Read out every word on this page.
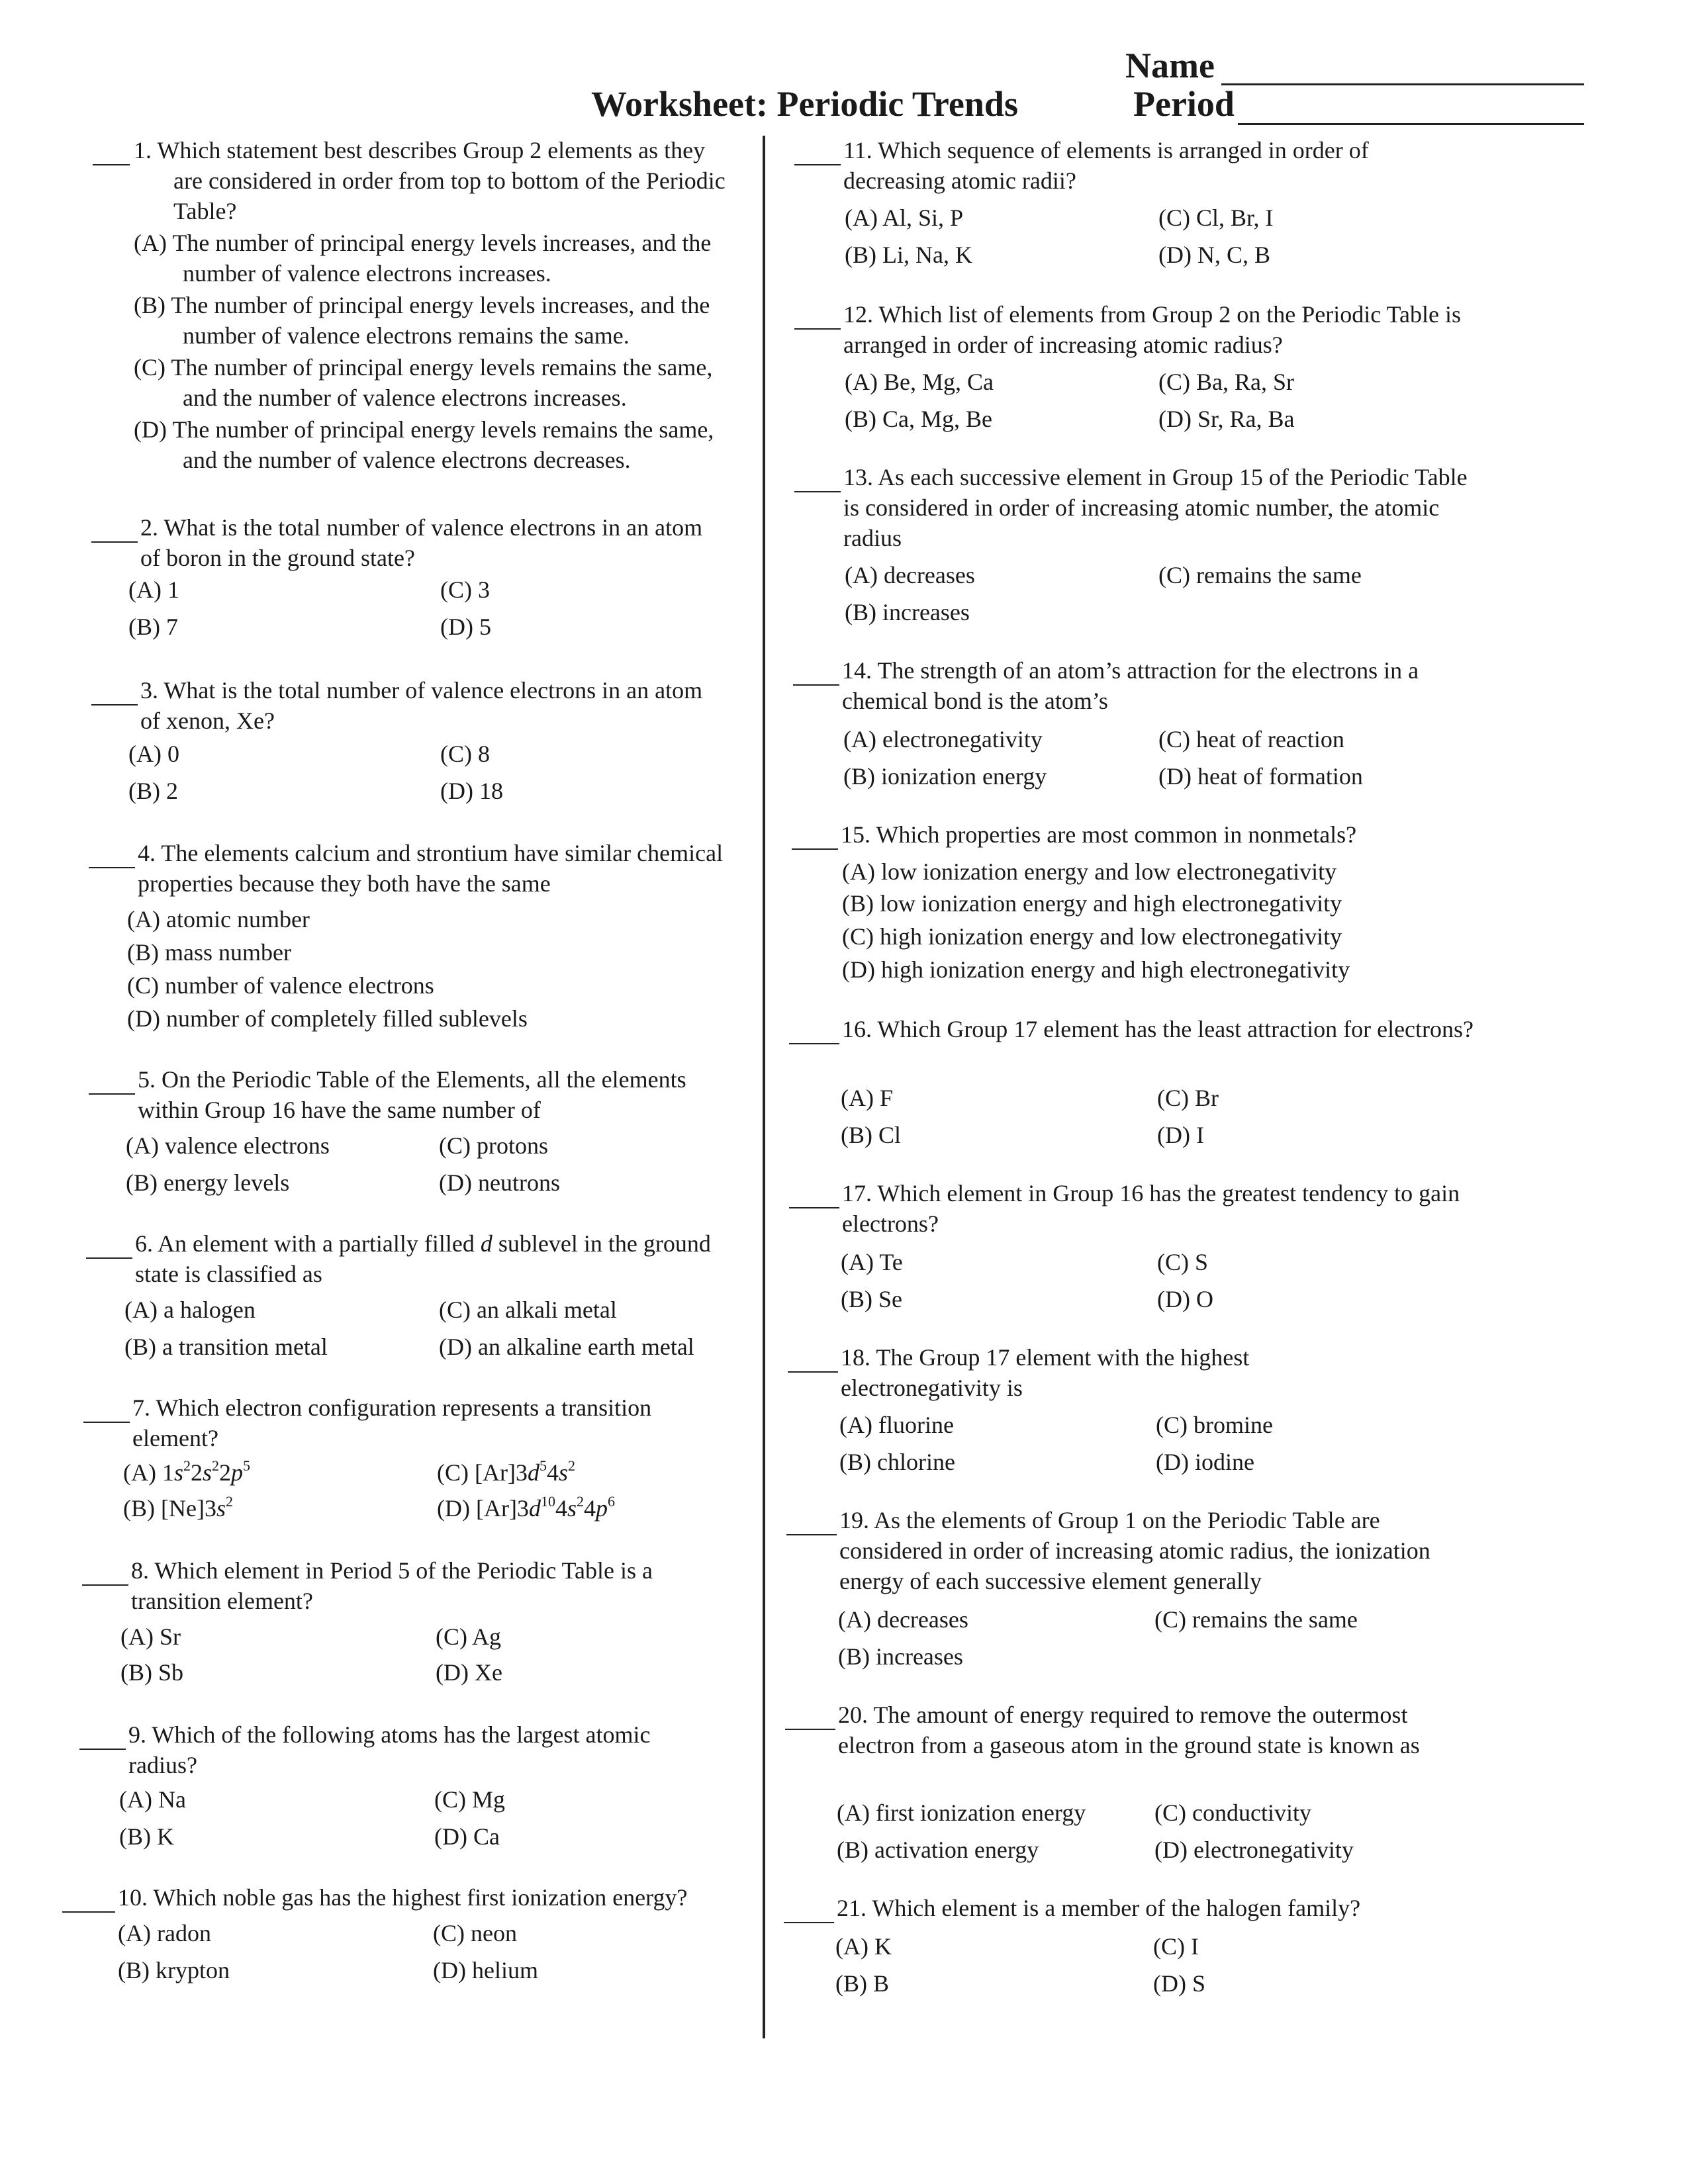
Worksheet: Periodic Trends
Name
Period
1. Which statement best describes Group 2 elements as they are considered in order from top to bottom of the Periodic Table?
(A) The number of principal energy levels increases, and the number of valence electrons increases.
(B) The number of principal energy levels increases, and the number of valence electrons remains the same.
(C) The number of principal energy levels remains the same, and the number of valence electrons increases.
(D) The number of principal energy levels remains the same, and the number of valence electrons decreases.
2. What is the total number of valence electrons in an atom of boron in the ground state?
(A) 1	(C) 3
(B) 7	(D) 5
3. What is the total number of valence electrons in an atom of xenon, Xe?
(A) 0	(C) 8
(B) 2	(D) 18
4. The elements calcium and strontium have similar chemical properties because they both have the same
(A) atomic number
(B) mass number
(C) number of valence electrons
(D) number of completely filled sublevels
5. On the Periodic Table of the Elements, all the elements within Group 16 have the same number of
(A) valence electrons	(C) protons
(B) energy levels	(D) neutrons
6. An element with a partially filled d sublevel in the ground state is classified as
(A) a halogen	(C) an alkali metal
(B) a transition metal	(D) an alkaline earth metal
7. Which electron configuration represents a transition element?
(A) $1s^22s^22p^5$	(C) $[Ar]3d^54s^2$
(B) $[Ne]3s^2$	(D) $[Ar]3d^{10}4s^24p^6$
8. Which element in Period 5 of the Periodic Table is a transition element?
(A) Sr	(C) Ag
(B) Sb	(D) Xe
9. Which of the following atoms has the largest atomic radius?
(A) Na	(C) Mg
(B) K	(D) Ca
10. Which noble gas has the highest first ionization energy?
(A) radon	(C) neon
(B) krypton	(D) helium
11. Which sequence of elements is arranged in order of decreasing atomic radii?
(A) Al, Si, P	(C) Cl, Br, I
(B) Li, Na, K	(D) N, C, B
12. Which list of elements from Group 2 on the Periodic Table is arranged in order of increasing atomic radius?
(A) Be, Mg, Ca	(C) Ba, Ra, Sr
(B) Ca, Mg, Be	(D) Sr, Ra, Ba
13. As each successive element in Group 15 of the Periodic Table is considered in order of increasing atomic number, the atomic radius
(A) decreases	(C) remains the same
(B) increases
14. The strength of an atom’s attraction for the electrons in a chemical bond is the atom’s
(A) electronegativity	(C) heat of reaction
(B) ionization energy	(D) heat of formation
15. Which properties are most common in nonmetals?
(A) low ionization energy and low electronegativity
(B) low ionization energy and high electronegativity
(C) high ionization energy and low electronegativity
(D) high ionization energy and high electronegativity
16. Which Group 17 element has the least attraction for electrons?
(A) F	(C) Br
(B) Cl	(D) I
17. Which element in Group 16 has the greatest tendency to gain electrons?
(A) Te	(C) S
(B) Se	(D) O
18. The Group 17 element with the highest electronegativity is
(A) fluorine	(C) bromine
(B) chlorine	(D) iodine
19. As the elements of Group 1 on the Periodic Table are considered in order of increasing atomic radius, the ionization energy of each successive element generally
(A) decreases	(C) remains the same
(B) increases
20. The amount of energy required to remove the outermost electron from a gaseous atom in the ground state is known as
(A) first ionization energy	(C) conductivity
(B) activation energy	(D) electronegativity
21. Which element is a member of the halogen family?
(A) K	(C) I
(B) B	(D) S
